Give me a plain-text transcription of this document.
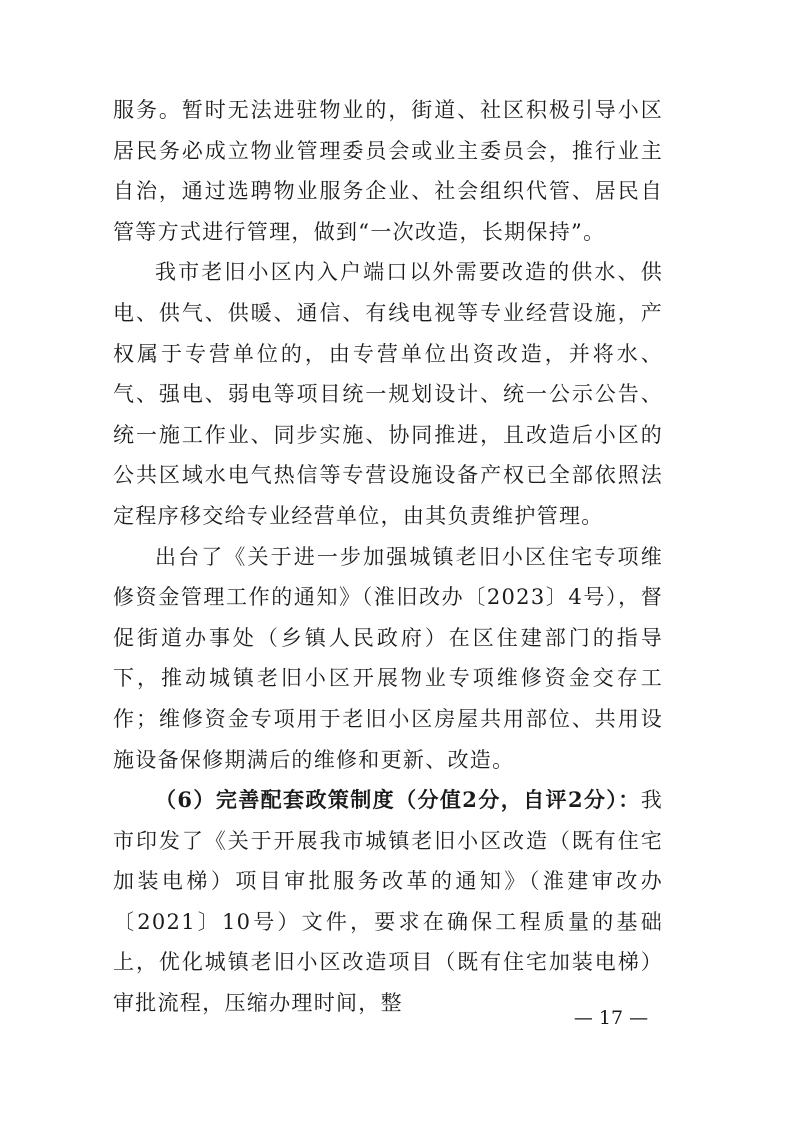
服务。暂时无法进驻物业的，街道、社区积极引导小区居民务必成立物业管理委员会或业主委员会，推行业主自治，通过选聘物业服务企业、社会组织代管、居民自管等方式进行管理，做到“一次改造，长期保持”。

我市老旧小区内入户端口以外需要改造的供水、供电、供气、供暖、通信、有线电视等专业经营设施，产权属于专营单位的，由专营单位出资改造，并将水、气、强电、弱电等项目统一规划设计、统一公示公告、统一施工作业、同步实施、协同推进，且改造后小区的公共区域水电气热信等专营设施设备产权已全部依照法定程序移交给专业经营单位，由其负责维护管理。

出台了《关于进一步加强城镇老旧小区住宅专项维修资金管理工作的通知》（淮旧改办〔2023〕4号），督促街道办事处（乡镇人民政府）在区住建部门的指导下，推动城镇老旧小区开展物业专项维修资金交存工作；维修资金专项用于老旧小区房屋共用部位、共用设施设备保修期满后的维修和更新、改造。

（6）完善配套政策制度（分值2分，自评2分）：我市印发了《关于开展我市城镇老旧小区改造（既有住宅加装电梯）项目审批服务改革的通知》（淮建审改办〔2021〕10号）文件，要求在确保工程质量的基础上，优化城镇老旧小区改造项目（既有住宅加装电梯）审批流程，压缩办理时间，整

— 17 —
